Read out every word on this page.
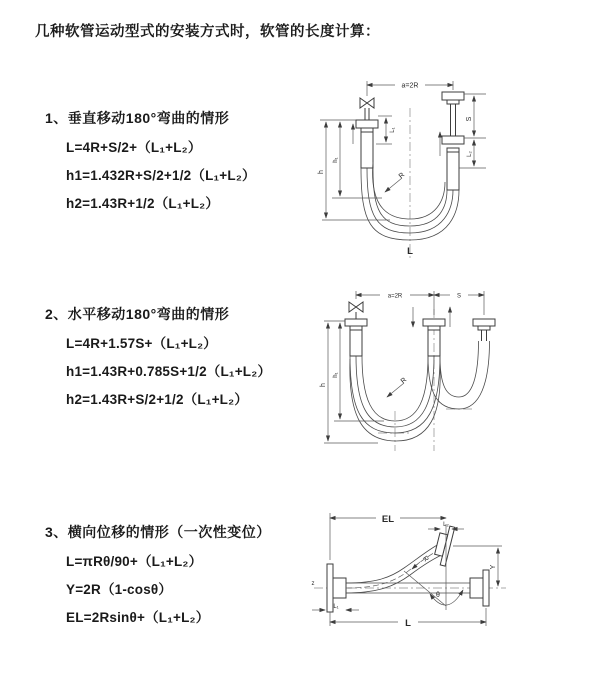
几种软管运动型式的安装方式时，软管的长度计算：
1、垂直移动180°弯曲的情形
L=4R+S/2+（L₁+L₂）
h1=1.432R+S/2+1/2（L₁+L₂）
h2=1.43R+1/2（L₁+L₂）
a=2R
S
L₂
h
h₁
L₁
R
L
2、水平移动180°弯曲的情形
L=4R+1.57S+（L₁+L₂）
h1=1.43R+0.785S+1/2（L₁+L₂）
h2=1.43R+S/2+1/2（L₁+L₂）
a=2R	S
h
h₁
R
3、横向位移的情形（一次性变位）
L=πRθ/90+（L₁+L₂）
Y=2R（1-cosθ）
EL=2Rsinθ+（L₁+L₂）
θ
R
EL	L₂
Y
L
L₁
z
